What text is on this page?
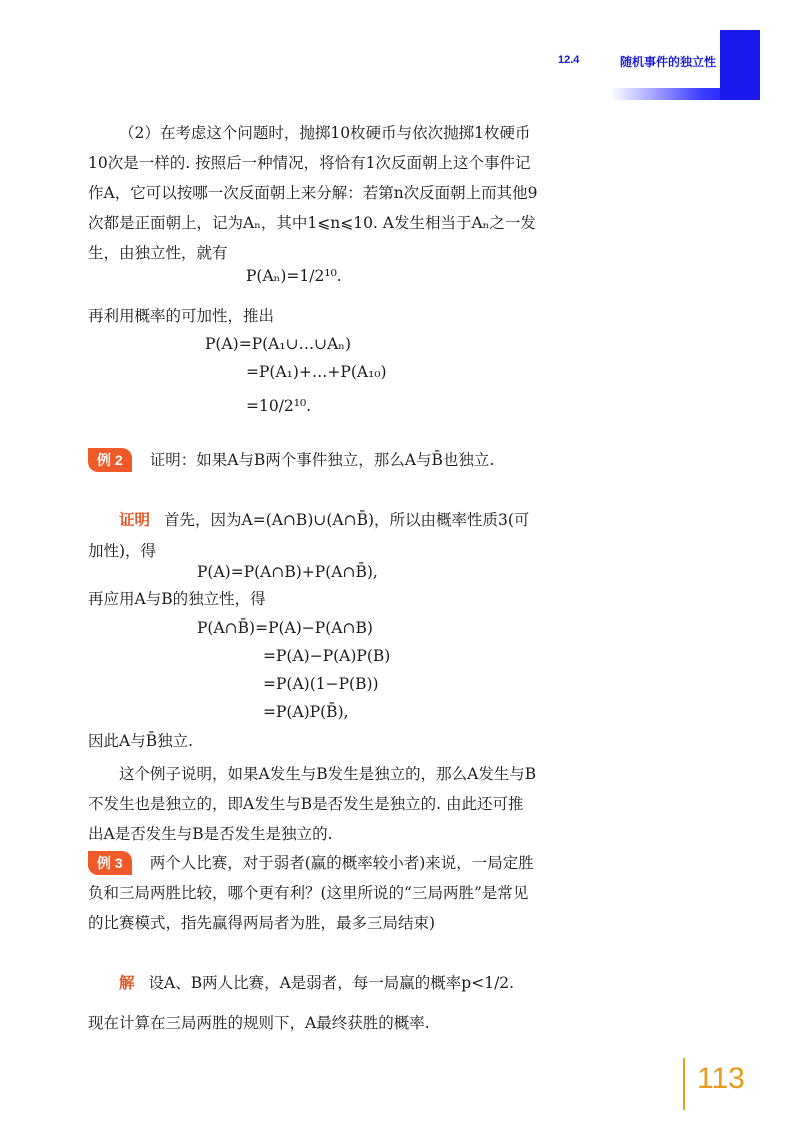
12.4	随机事件的独立性

（2）在考虑这个问题时，抛掷10枚硬币与依次抛掷1枚硬币10次是一样的. 按照后一种情况，将恰有1次反面朝上这个事件记作A，它可以按哪一次反面朝上来分解：若第n次反面朝上而其他9次都是正面朝上，记为Aₙ，其中1⩽n⩽10. A发生相当于Aₙ之一发生，由独立性，就有

P(Aₙ)=1/2¹⁰.

再利用概率的可加性，推出

P(A)=P(A₁∪…∪Aₙ)
=P(A₁)+…+P(A₁₀)
=10/2¹⁰.

例 2 证明：如果A与B两个事件独立，那么A与B̄也独立.

证明 首先，因为A=(A∩B)∪(A∩B̄)，所以由概率性质3(可加性)，得

P(A)=P(A∩B)+P(A∩B̄),

再应用A与B的独立性，得

P(A∩B̄)=P(A)−P(A∩B)
=P(A)−P(A)P(B)
=P(A)(1−P(B))
=P(A)P(B̄),

因此A与B̄独立.

这个例子说明，如果A发生与B发生是独立的，那么A发生与B不发生也是独立的，即A发生与B是否发生是独立的. 由此还可推出A是否发生与B是否发生是独立的.

例 3 两个人比赛，对于弱者(赢的概率较小者)来说，一局定胜负和三局两胜比较，哪个更有利？(这里所说的“三局两胜”是常见的比赛模式，指先赢得两局者为胜，最多三局结束)

解 设A、B两人比赛，A是弱者，每一局赢的概率p<1/2.

现在计算在三局两胜的规则下，A最终获胜的概率.

113
